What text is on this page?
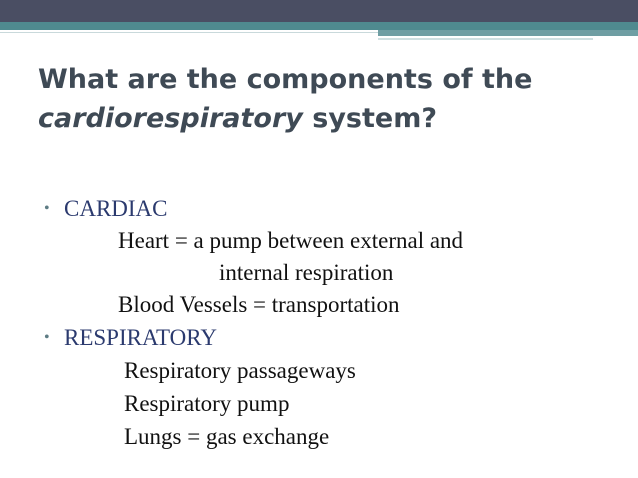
What are the components of the
cardiorespiratory system?
• CARDIAC
Heart = a pump between external and
internal respiration
Blood Vessels = transportation
• RESPIRATORY
Respiratory passageways
Respiratory pump
Lungs = gas exchange
